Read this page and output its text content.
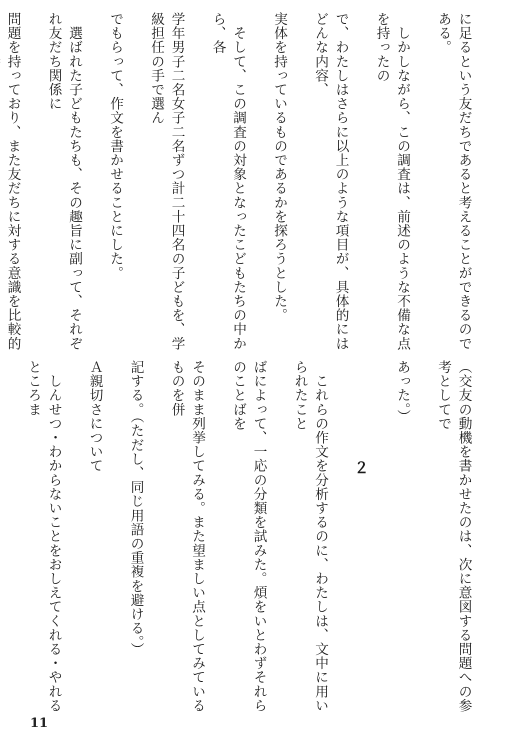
に足るという友だちであると考えることができるのである。

　しかしながら、この調査は、前述のような不備な点を持ったの

で、わたしはさらに以上のような項目が、具体的にはどんな内容、

実体を持っているものであるかを探ろうとした。

　そして、この調査の対象となったこどもたちの中から、各

学年男子二名女子二名ずつ計二十四名の子どもを、学級担任の手で選ん

でもらって、作文を書かせることにした。

　選ばれた子どもたちも、その趣旨に副って、それぞれ友だち関係に

問題を持っており、また友だちに対する意識を比較的

（交友の動機を書かせたのは、次に意図する問題への参考としてで

あった。）

２

　これらの作文を分析するのに、わたしは、文中に用いられたこと

ばによって、一応の分類を試みた。煩をいとわずそれらのことばを

そのまま列挙してみる。また望ましい点としてみているものを併

記する。（ただし、同じ用語の重複を避ける。）

Ａ親切さについて

　しんせつ・わからないことをおしえてくれる・やれるところま

11
